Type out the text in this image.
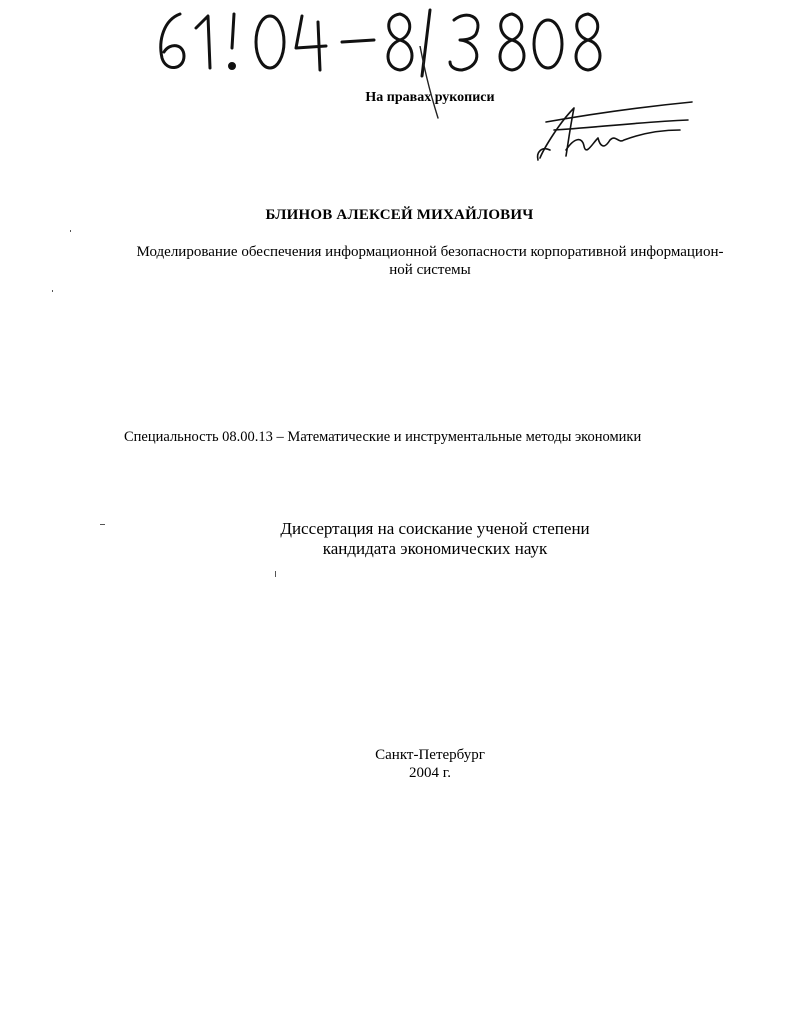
На правах рукописи
БЛИНОВ АЛЕКСЕЙ МИХАЙЛОВИЧ
Моделирование обеспечения информационной безопасности корпоративной информацион-
ной системы
Специальность 08.00.13 – Математические и инструментальные методы экономики
Диссертация на соискание ученой степени
кандидата экономических наук
Санкт-Петербург
2004 г.
